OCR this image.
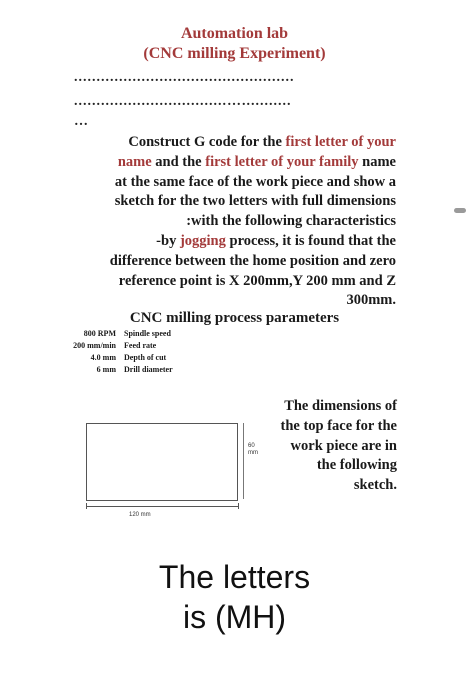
Automation lab
(CNC milling Experiment)
.................................................
..................................…...........
…
Construct G code for the first letter of your
name and the first letter of your family name
at the same face of the work piece and show a
sketch for the two letters with full dimensions
:with the following characteristics
-by jogging process, it is found that the
difference between the home position and zero
reference point is X 200mm,Y 200 mm and Z
300mm.
CNC milling process parameters
800 RPM Spindle speed
200 mm/min Feed rate
4.0 mm Depth of cut
6 mm Drill diameter
The dimensions of
the top face for the
work piece are in
the following
sketch.
60
mm
120 mm
The letters
is (MH)
